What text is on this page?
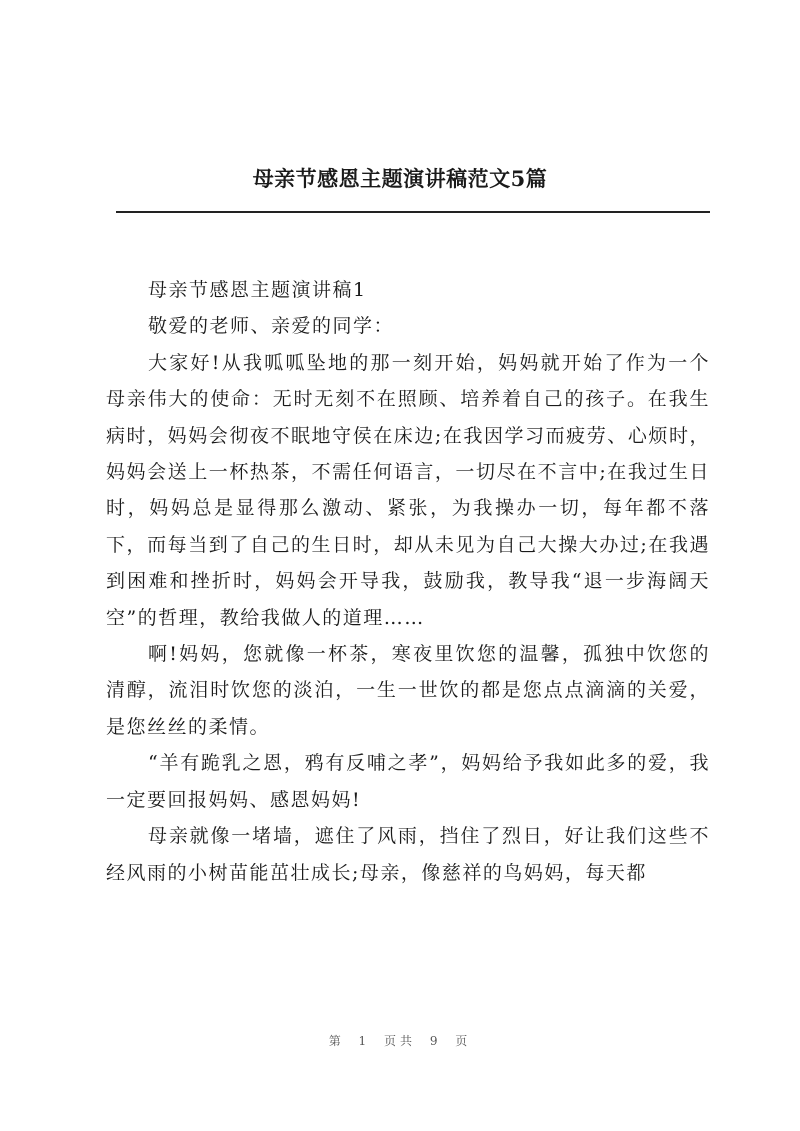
母亲节感恩主题演讲稿范文5篇

母亲节感恩主题演讲稿1

敬爱的老师、亲爱的同学：

大家好!从我呱呱坠地的那一刻开始，妈妈就开始了作为一个母亲伟大的使命：无时无刻不在照顾、培养着自己的孩子。在我生病时，妈妈会彻夜不眠地守侯在床边;在我因学习而疲劳、心烦时，妈妈会送上一杯热茶，不需任何语言，一切尽在不言中;在我过生日时，妈妈总是显得那么激动、紧张，为我操办一切，每年都不落下，而每当到了自己的生日时，却从未见为自己大操大办过;在我遇到困难和挫折时，妈妈会开导我，鼓励我，教导我“退一步海阔天空”的哲理，教给我做人的道理……

啊!妈妈，您就像一杯茶，寒夜里饮您的温馨，孤独中饮您的清醇，流泪时饮您的淡泊，一生一世饮的都是您点点滴滴的关爱，是您丝丝的柔情。

“羊有跪乳之恩，鸦有反哺之孝”，妈妈给予我如此多的爱，我一定要回报妈妈、感恩妈妈!

母亲就像一堵墙，遮住了风雨，挡住了烈日，好让我们这些不经风雨的小树苗能茁壮成长;母亲，像慈祥的鸟妈妈，每天都

第 1 页共 9 页
